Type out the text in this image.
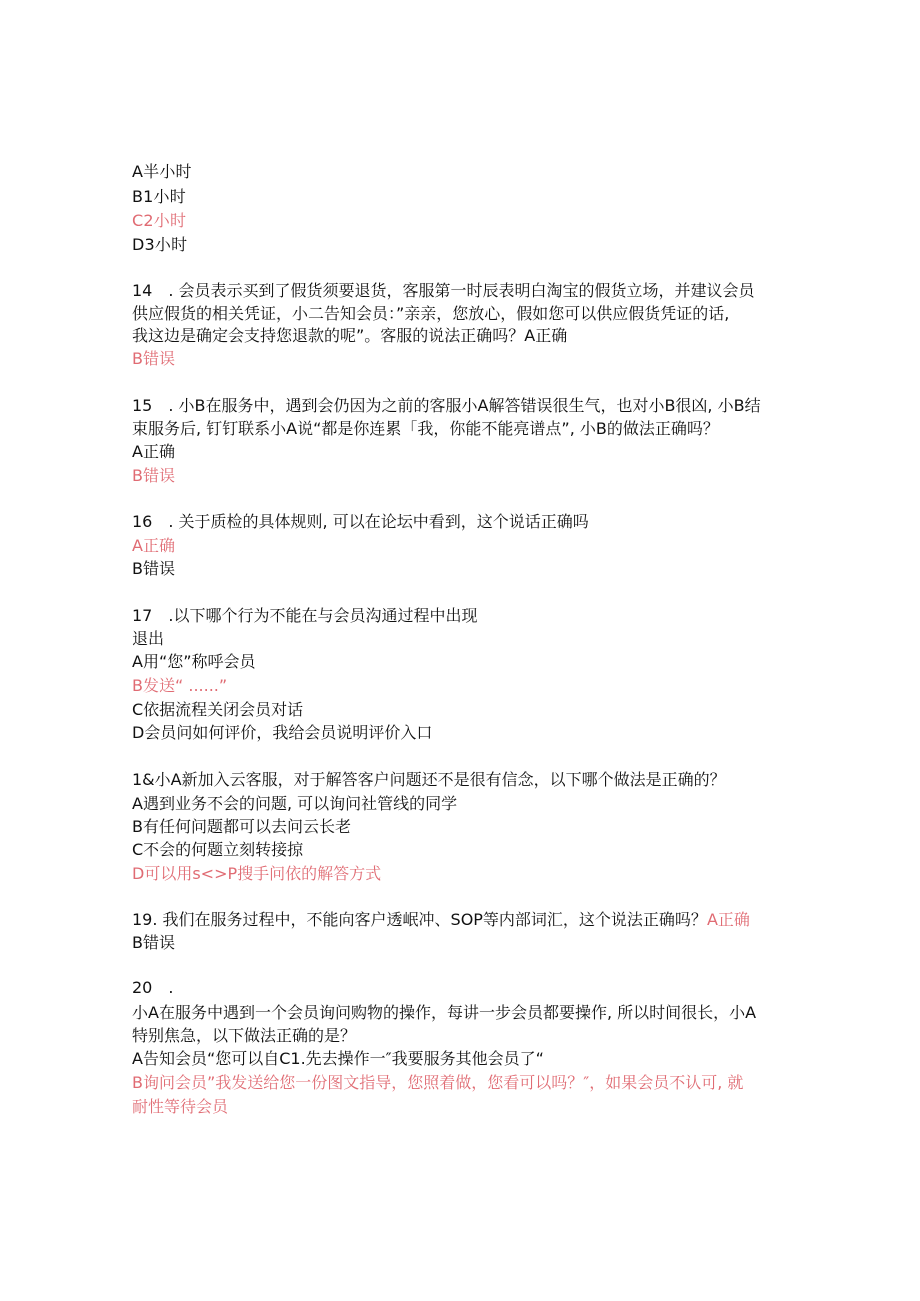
A半小时
B1小时
C2小时
D3小时
14　. 会员表示买到了假货须要退货，客服第一时辰表明白淘宝的假货立场，并建议会员
供应假货的相关凭证，小二告知会员：”亲亲，您放心，假如您可以供应假货凭证的话,
我这边是确定会支持您退款的呢”。客服的说法正确吗？A正确
B错误
15　. 小B在服务中，遇到会仍因为之前的客服小A解答错误很生气，也对小B很凶, 小B结
束服务后, 钉钉联系小A说“都是你连累「我，你能不能亮谱点”, 小B的做法正确吗？
A正确
B错误
16　. 关于质检的具体规则, 可以在论坛中看到，这个说话正确吗
A正确
B错误
17　.以下哪个行为不能在与会员沟通过程中出现
退出
A用“您”称呼会员
B发送“ ......”
C依据流程关闭会员对话
D会员问如何评价，我给会员说明评价入口
1&小A新加入云客服，对于解答客户问题还不是很有信念，以下哪个做法是正确的？
A遇到业务不会的问题, 可以询问社管线的同学
B有任何问题都可以去问云长老
C不会的何题立刻转接掠
D可以用s<>P搜手问依的解答方式
19. 我们在服务过程中，不能向客户透岷冲、SOP等内部词汇，这个说法正确吗？A正确
B错误
20　.
小A在服务中遇到一个会员询问购物的操作，每讲一步会员都要操作, 所以时间很长，小A
特别焦急，以下做法正确的是？
A告知会员“您可以自C1.先去操作一″我要服务其他会员了“
B询问会员”我发送给您一份图文指导，您照着做，您看可以吗？″，如果会员不认可, 就
耐性等待会员
